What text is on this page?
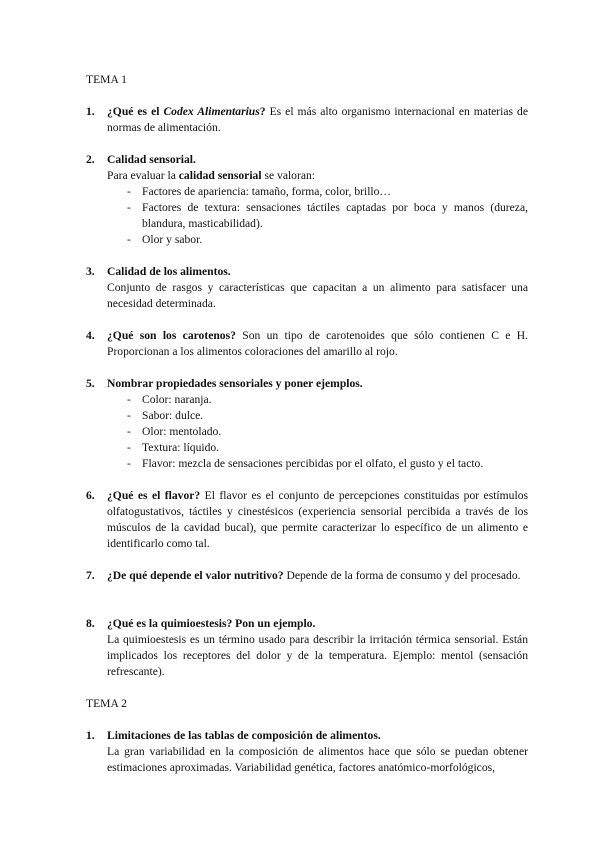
TEMA 1
1. ¿Qué es el Codex Alimentarius? Es el más alto organismo internacional en materias de normas de alimentación.

2. Calidad sensorial.

Para evaluar la calidad sensorial se valoran:

- Factores de apariencia: tamaño, forma, color, brillo…
- Factores de textura: sensaciones táctiles captadas por boca y manos (dureza, blandura, masticabilidad).
- Olor y sabor.
3. Calidad de los alimentos.

Conjunto de rasgos y características que capacitan a un alimento para satisfacer una necesidad determinada.

4. ¿Qué son los carotenos? Son un tipo de carotenoides que sólo contienen C e H. Proporcionan a los alimentos coloraciones del amarillo al rojo.

5. Nombrar propiedades sensoriales y poner ejemplos.

- Color: naranja.
- Sabor: dulce.
- Olor: mentolado.
- Textura: líquido.
- Flavor: mezcla de sensaciones percibidas por el olfato, el gusto y el tacto.
6. ¿Qué es el flavor? El flavor es el conjunto de percepciones constituidas por estímulos olfatogustativos, táctiles y cinestésicos (experiencia sensorial percibida a través de los músculos de la cavidad bucal), que permite caracterizar lo específico de un alimento e identificarlo como tal.

7. ¿De qué depende el valor nutritivo? Depende de la forma de consumo y del procesado.

8. ¿Qué es la quimioestesis? Pon un ejemplo.

La quimioestesis es un término usado para describir la irritación térmica sensorial. Están implicados los receptores del dolor y de la temperatura. Ejemplo: mentol (sensación refrescante).

TEMA 2
1. Limitaciones de las tablas de composición de alimentos.

La gran variabilidad en la composición de alimentos hace que sólo se puedan obtener estimaciones aproximadas. Variabilidad genética, factores anatómico-morfológicos,
